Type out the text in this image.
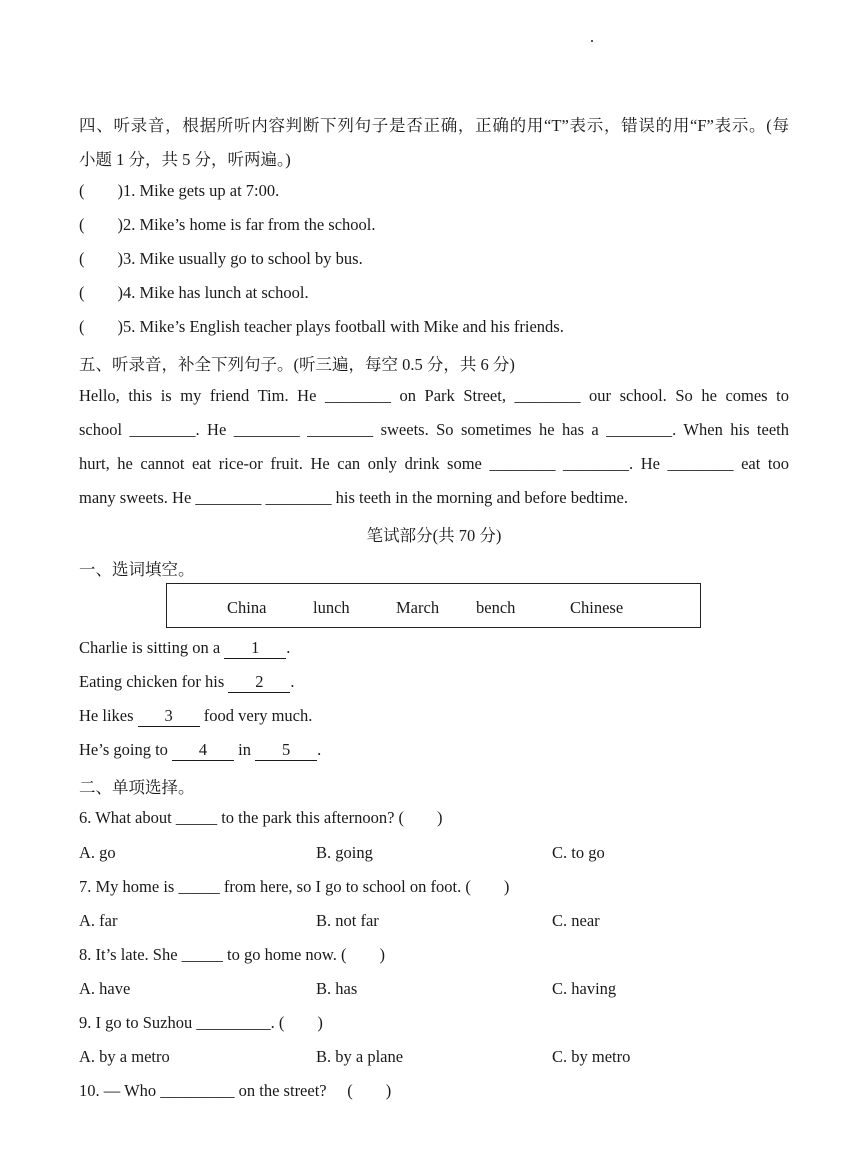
四、听录音，根据所听内容判断下列句子是否正确，正确的用“T”表示，错误的用“F”表示。(每
小题 1 分，共 5 分，听两遍。)
(        )1. Mike gets up at 7:00.
(        )2. Mike’s home is far from the school.
(        )3. Mike usually go to school by bus.
(        )4. Mike has lunch at school.
(        )5. Mike’s English teacher plays football with Mike and his friends.
五、听录音，补全下列句子。(听三遍，每空 0.5 分，共 6 分)
Hello, this is my friend Tim. He ________ on Park Street, ________ our school. So he comes to
school ________. He ________ ________ sweets. So sometimes he has a ________. When his teeth
hurt, he cannot eat rice-or fruit. He can only drink some ________ ________. He ________ eat too
many sweets. He ________ ________ his teeth in the morning and before bedtime.
笔试部分(共 70 分)
一、选词填空。
China	lunch	March bench	Chinese
Charlie is sitting on a 1 .
Eating chicken for his 2 .
He likes 3 food very much.
He’s going to 4 in 5 .
二、单项选择。
6. What about _____ to the park this afternoon? (        )
A. go	B. going	C. to go
7. My home is _____ from here, so I go to school on foot. (        )
A. far	B. not far	C. near
8. It’s late. She _____ to go home now. (        )
A. have	B. has	C. having
9. I go to Suzhou _________. (        )
A. by a metro	B. by a plane	C. by metro
10. — Who _________ on the street?     (        )
